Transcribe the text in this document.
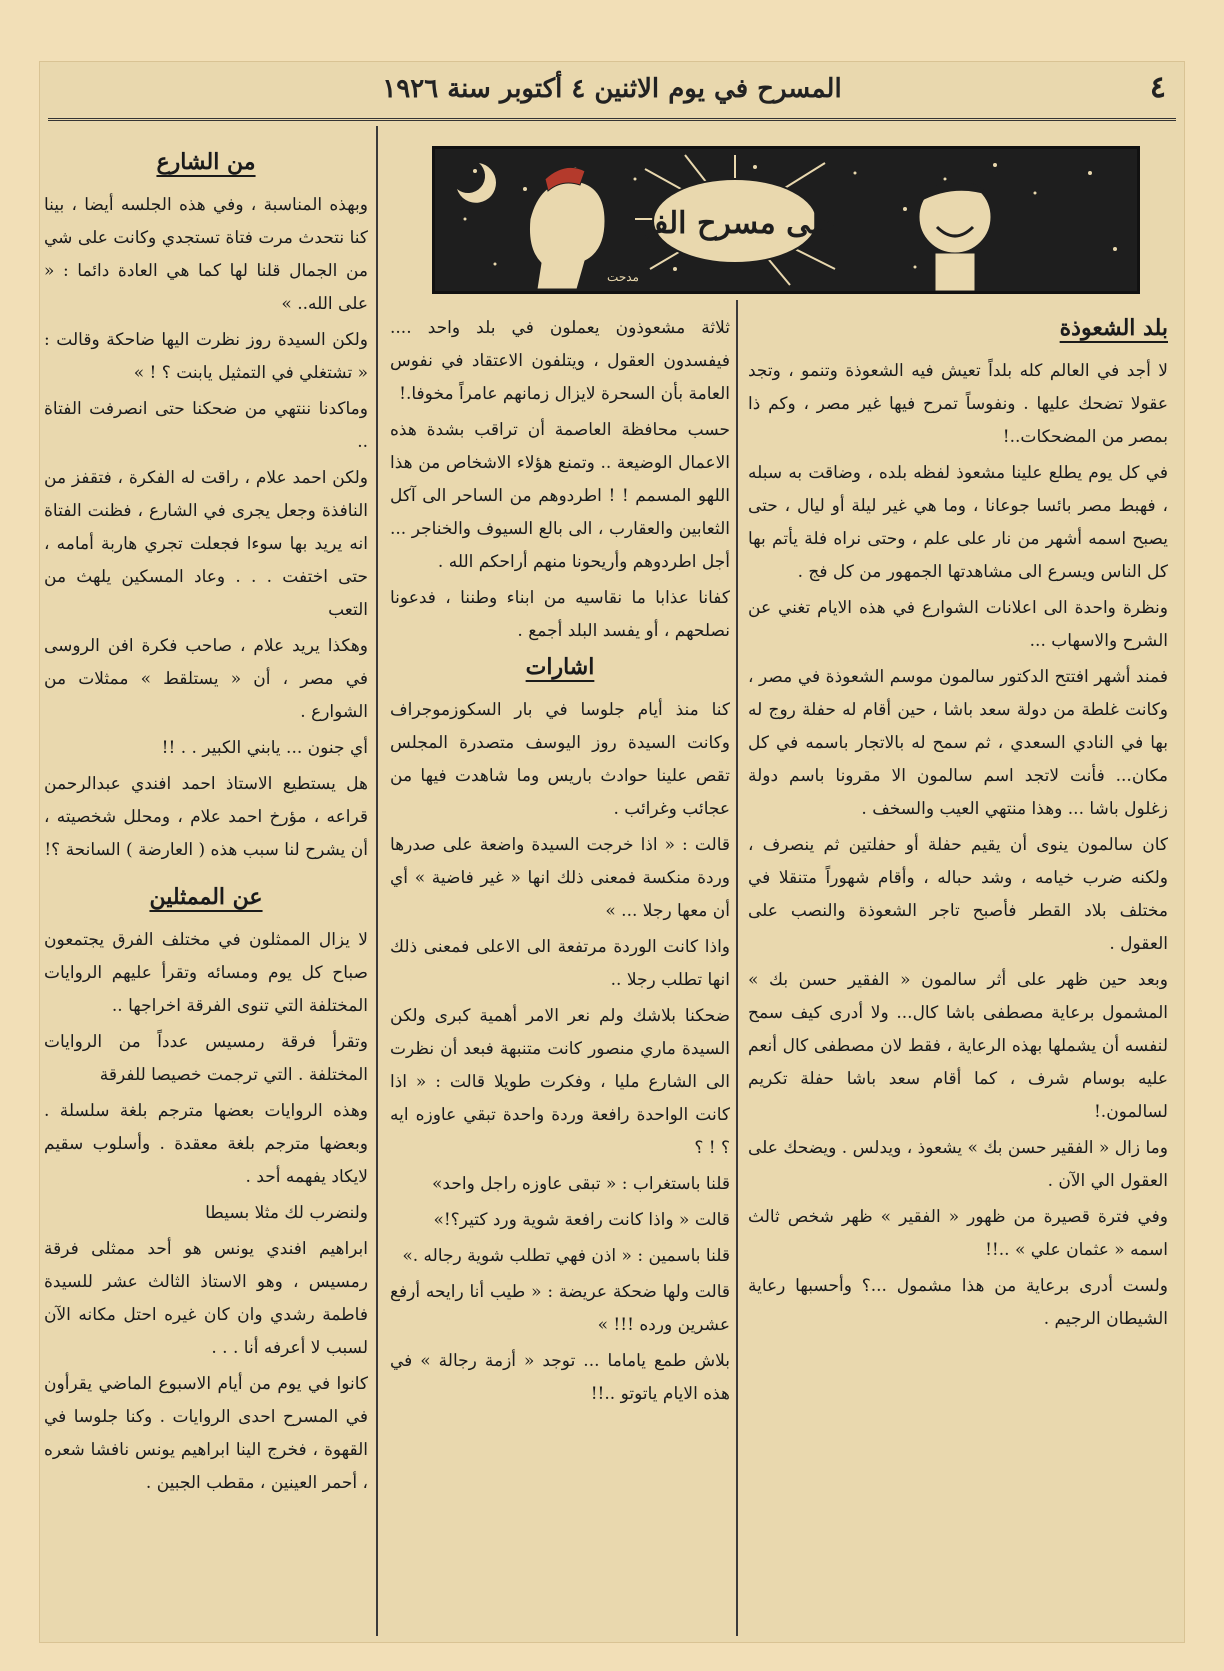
٤
المسرح في يوم الاثنين ٤ أكتوبر سنة ١٩٢٦
على مسرح الفن
مدحت
بلد الشعوذة

لا أجد في العالم كله بلداً تعيش فيه الشعوذة وتنمو ، وتجد عقولا تضحك عليها . ونفوساً تمرح فيها غير مصر ، وكم ذا بمصر من المضحكات..!

في كل يوم يطلع علينا مشعوذ لفظه بلده ، وضاقت به سبله ، فهبط مصر بائسا جوعانا ، وما هي غير ليلة أو ليال ، حتى يصبح اسمه أشهر من نار على علم ، وحتى نراه فلة يأتم بها كل الناس ويسرع الى مشاهدتها الجمهور من كل فج .

ونظرة واحدة الى اعلانات الشوارع في هذه الايام تغني عن الشرح والاسهاب ...

فمند أشهر افتتح الدكتور سالمون موسم الشعوذة في مصر ، وكانت غلطة من دولة سعد باشا ، حين أقام له حفلة روج له بها في النادي السعدي ، ثم سمح له بالاتجار باسمه في كل مكان... فأنت لاتجد اسم سالمون الا مقرونا باسم دولة زغلول باشا ... وهذا منتهي العيب والسخف .

كان سالمون ينوى أن يقيم حفلة أو حفلتين ثم ينصرف ، ولكنه ضرب خيامه ، وشد حباله ، وأقام شهوراً متنقلا في مختلف بلاد القطر فأصبح تاجر الشعوذة والنصب على العقول .

وبعد حين ظهر على أثر سالمون « الفقير حسن بك » المشمول برعاية مصطفى باشا كال... ولا أدرى كيف سمح لنفسه أن يشملها بهذه الرعاية ، فقط لان مصطفى كال أنعم عليه بوسام شرف ، كما أقام سعد باشا حفلة تكريم لسالمون.!

وما زال « الفقير حسن بك » يشعوذ ، ويدلس . ويضحك على العقول الي الآن .

وفي فترة قصيرة من ظهور « الفقير » ظهر شخص ثالث اسمه « عثمان علي » ..!!

ولست أدرى برعاية من هذا مشمول ...؟ وأحسبها رعاية الشيطان الرجيم .

ثلاثة مشعوذون يعملون في بلد واحد .... فيفسدون العقول ، ويتلفون الاعتقاد في نفوس العامة بأن السحرة لايزال زمانهم عامراً مخوفا.!

حسب محافظة العاصمة أن تراقب بشدة هذه الاعمال الوضيعة .. وتمنع هؤلاء الاشخاص من هذا اللهو المسمم ! ! اطردوهم من الساحر الى آكل الثعابين والعقارب ، الى بالع السيوف والخناجر ... أجل اطردوهم وأريحونا منهم أراحكم الله .

كفانا عذابا ما نقاسيه من ابناء وطننا ، فدعونا نصلحهم ، أو يفسد البلد أجمع .

اشارات

كنا منذ أيام جلوسا في بار السكوزموجراف وكانت السيدة روز اليوسف متصدرة المجلس تقص علينا حوادث باريس وما شاهدت فيها من عجائب وغرائب .

قالت : « اذا خرجت السيدة واضعة على صدرها وردة منكسة فمعنى ذلك انها « غير فاضية » أي أن معها رجلا ... »

واذا كانت الوردة مرتفعة الى الاعلى فمعنى ذلك انها تطلب رجلا ..

ضحكنا بلاشك ولم نعر الامر أهمية كبرى ولكن السيدة ماري منصور كانت متنبهة فبعد أن نظرت الى الشارع مليا ، وفكرت طويلا قالت : « اذا كانت الواحدة رافعة وردة واحدة تبقي عاوزه ايه ؟ ! ؟

قلنا باستغراب : « تبقى عاوزه راجل واحد»

قالت « واذا كانت رافعة شوية ورد كتير؟!»

قلنا باسمين : « اذن فهي تطلب شوية رجاله .»

قالت ولها ضحكة عريضة : « طيب أنا رايحه أرفع عشرين ورده !!! »

بلاش طمع ياماما ... توجد « أزمة رجالة » في هذه الايام ياتوتو ..!!

من الشارع

وبهذه المناسبة ، وفي هذه الجلسه أيضا ، بينا كنا نتحدث مرت فتاة تستجدي وكانت على شي من الجمال قلنا لها كما هي العادة دائما : « على الله.. »

ولكن السيدة روز نظرت اليها ضاحكة وقالت : « تشتغلي في التمثيل يابنت ؟ ! »

وماكدنا ننتهي من ضحكنا حتى انصرفت الفتاة ..

ولكن احمد علام ، راقت له الفكرة ، فتقفز من النافذة وجعل يجرى في الشارع ، فظنت الفتاة انه يريد بها سوءا فجعلت تجري هاربة أمامه ، حتى اختفت . . . وعاد المسكين يلهث من التعب

وهكذا يريد علام ، صاحب فكرة افن الروسى في مصر ، أن « يستلقط » ممثلات من الشوارع .

أي جنون ... يابني الكبير . . !!

هل يستطيع الاستاذ احمد افندي عبدالرحمن قراعه ، مؤرخ احمد علام ، ومحلل شخصيته ، أن يشرح لنا سبب هذه ( العارضة ) السانحة ؟!

عن الممثلين

لا يزال الممثلون في مختلف الفرق يجتمعون صباح كل يوم ومسائه وتقرأ عليهم الروايات المختلفة التي تنوى الفرقة اخراجها ..

وتقرأ فرقة رمسيس عدداً من الروايات المختلفة . التي ترجمت خصيصا للفرقة

وهذه الروايات بعضها مترجم بلغة سلسلة . وبعضها مترجم بلغة معقدة . وأسلوب سقيم لايكاد يفهمه أحد .

ولنضرب لك مثلا بسيطا

ابراهيم افندي يونس هو أحد ممثلى فرقة رمسيس ، وهو الاستاذ الثالث عشر للسيدة فاطمة رشدي وان كان غيره احتل مكانه الآن لسبب لا أعرفه أنا . . .

كانوا في يوم من أيام الاسبوع الماضي يقرأون في المسرح احدى الروايات . وكنا جلوسا في القهوة ، فخرج الينا ابراهيم يونس نافشا شعره ، أحمر العينين ، مقطب الجبين .
